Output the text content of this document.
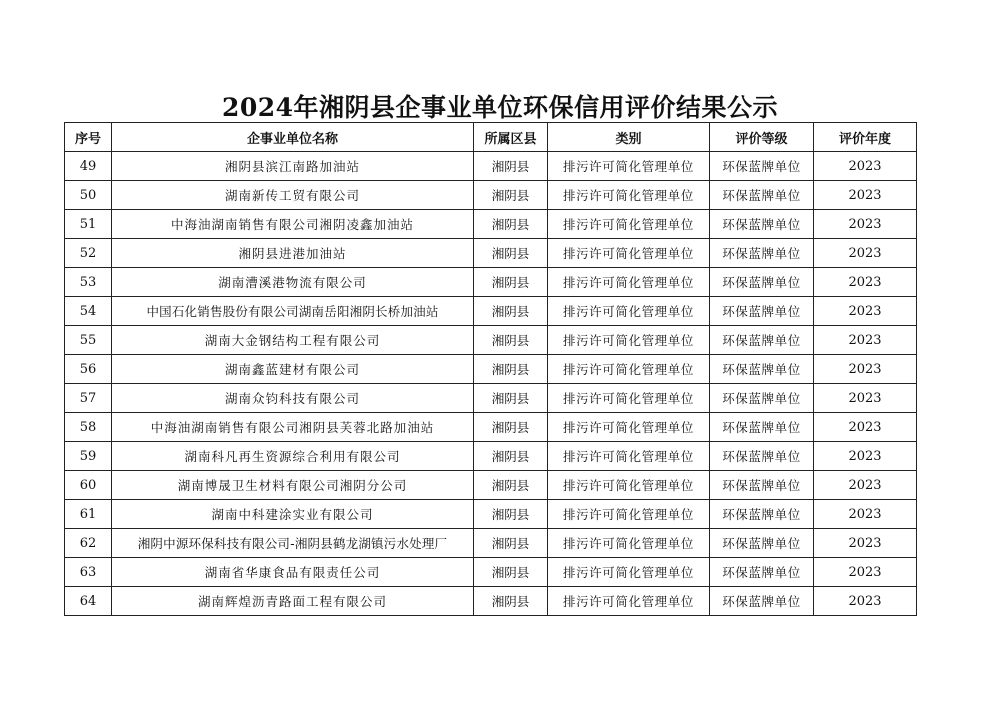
2024年湘阴县企事业单位环保信用评价结果公示
序号	企事业单位名称	所属区县	类别	评价等级	评价年度
49	湘阴县滨江南路加油站	湘阴县	排污许可简化管理单位	环保蓝牌单位	2023
50	湖南新传工贸有限公司	湘阴县	排污许可简化管理单位	环保蓝牌单位	2023
51	中海油湖南销售有限公司湘阴凌鑫加油站	湘阴县	排污许可简化管理单位	环保蓝牌单位	2023
52	湘阴县进港加油站	湘阴县	排污许可简化管理单位	环保蓝牌单位	2023
53	湖南漕溪港物流有限公司	湘阴县	排污许可简化管理单位	环保蓝牌单位	2023
54	中国石化销售股份有限公司湖南岳阳湘阴长桥加油站	湘阴县	排污许可简化管理单位	环保蓝牌单位	2023
55	湖南大金钢结构工程有限公司	湘阴县	排污许可简化管理单位	环保蓝牌单位	2023
56	湖南鑫蓝建材有限公司	湘阴县	排污许可简化管理单位	环保蓝牌单位	2023
57	湖南众钧科技有限公司	湘阴县	排污许可简化管理单位	环保蓝牌单位	2023
58	中海油湖南销售有限公司湘阴县芙蓉北路加油站	湘阴县	排污许可简化管理单位	环保蓝牌单位	2023
59	湖南科凡再生资源综合利用有限公司	湘阴县	排污许可简化管理单位	环保蓝牌单位	2023
60	湖南博晟卫生材料有限公司湘阴分公司	湘阴县	排污许可简化管理单位	环保蓝牌单位	2023
61	湖南中科建涂实业有限公司	湘阴县	排污许可简化管理单位	环保蓝牌单位	2023
62	湘阴中源环保科技有限公司-湘阴县鹤龙湖镇污水处理厂	湘阴县	排污许可简化管理单位	环保蓝牌单位	2023
63	湖南省华康食品有限责任公司	湘阴县	排污许可简化管理单位	环保蓝牌单位	2023
64	湖南辉煌沥青路面工程有限公司	湘阴县	排污许可简化管理单位	环保蓝牌单位	2023
